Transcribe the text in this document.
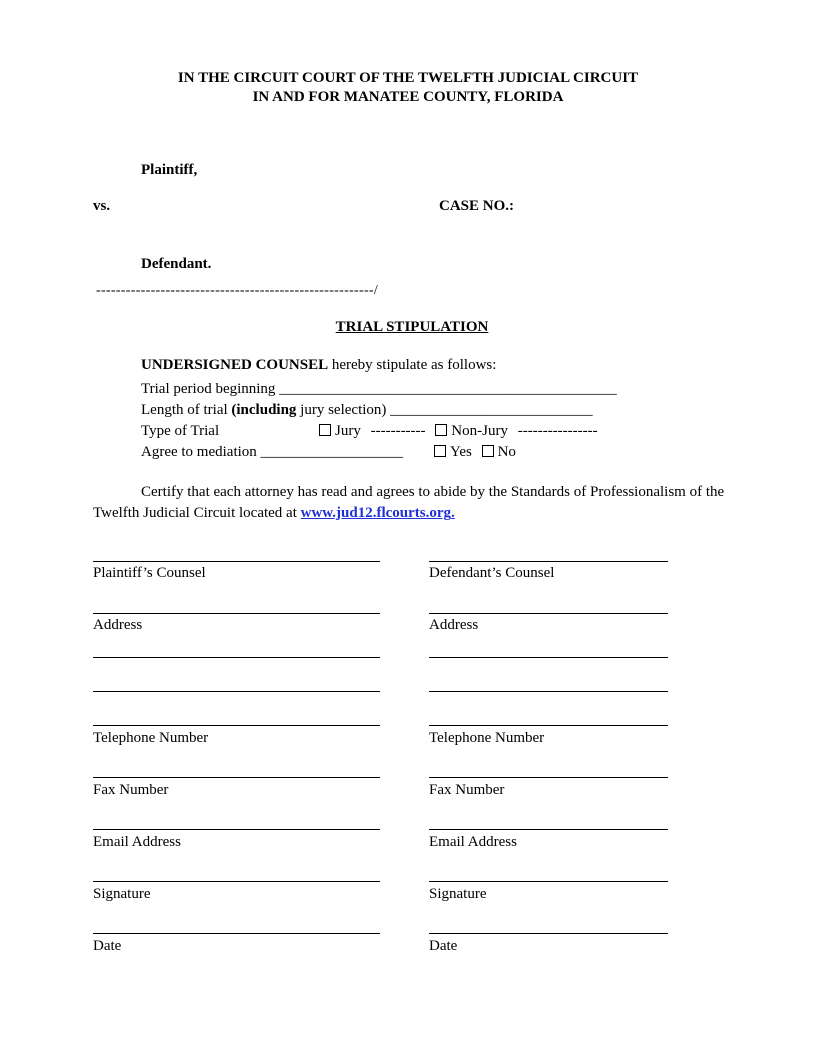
IN THE CIRCUIT COURT OF THE TWELFTH JUDICIAL CIRCUIT
IN AND FOR MANATEE COUNTY, FLORIDA
Plaintiff,
vs.	CASE NO.:
Defendant.
--------------------------------------------------------/
TRIAL STIPULATION
UNDERSIGNED COUNSEL hereby stipulate as follows:
Trial period beginning _____________________________________________
Length of trial (including jury selection) ___________________________
Type of Trial	Jury ----------- Non-Jury ----------------
Agree to mediation ___________________	Yes No
Certify that each attorney has read and agrees to abide by the Standards of Professionalism of the Twelfth Judicial Circuit located at www.jud12.flcourts.org.
Plaintiff’s Counsel	Defendant’s Counsel
Address	Address
Telephone Number	Telephone Number
Fax Number	Fax Number
Email Address	Email Address
Signature	Signature
Date	Date
